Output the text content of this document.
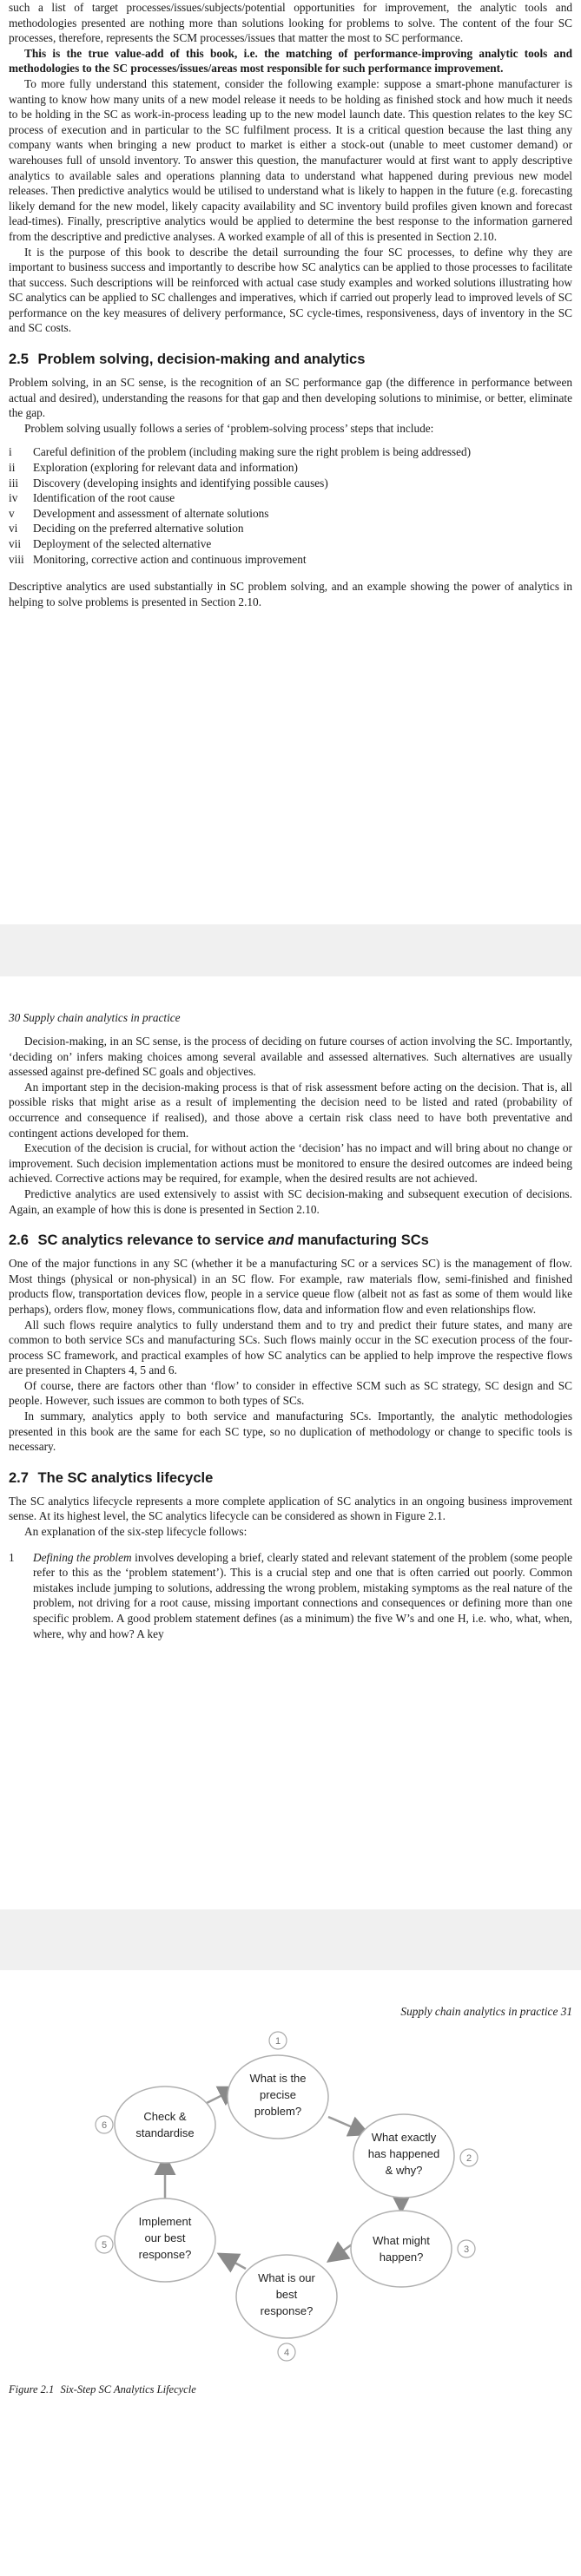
such a list of target processes/issues/subjects/potential opportunities for improvement, the analytic tools and methodologies presented are nothing more than solutions looking for problems to solve. The content of the four SC processes, therefore, represents the SCM processes/issues that matter the most to SC performance.

This is the true value-add of this book, i.e. the matching of performance-improving analytic tools and methodologies to the SC processes/issues/areas most responsible for such performance improvement.

To more fully understand this statement, consider the following example: suppose a smart-phone manufacturer is wanting to know how many units of a new model release it needs to be holding as finished stock and how much it needs to be holding in the SC as work-in-process leading up to the new model launch date. This question relates to the key SC process of execution and in particular to the SC fulfilment process. It is a critical question because the last thing any company wants when bringing a new product to market is either a stock-out (unable to meet customer demand) or warehouses full of unsold inventory. To answer this question, the manufacturer would at first want to apply descriptive analytics to available sales and operations planning data to understand what happened during previous new model releases. Then predictive analytics would be utilised to understand what is likely to happen in the future (e.g. forecasting likely demand for the new model, likely capacity availability and SC inventory build profiles given known and forecast lead-times). Finally, prescriptive analytics would be applied to determine the best response to the information garnered from the descriptive and predictive analyses. A worked example of all of this is presented in Section 2.10.

It is the purpose of this book to describe the detail surrounding the four SC processes, to define why they are important to business success and importantly to describe how SC analytics can be applied to those processes to facilitate that success. Such descriptions will be reinforced with actual case study examples and worked solutions illustrating how SC analytics can be applied to SC challenges and imperatives, which if carried out properly lead to improved levels of SC performance on the key measures of delivery performance, SC cycle-times, responsiveness, days of inventory in the SC and SC costs.

2.5 Problem solving, decision-making and analytics

Problem solving, in an SC sense, is the recognition of an SC performance gap (the difference in performance between actual and desired), understanding the reasons for that gap and then developing solutions to minimise, or better, eliminate the gap.

Problem solving usually follows a series of ‘problem-solving process’ steps that include:

i	Careful definition of the problem (including making sure the right problem is being addressed)
ii	Exploration (exploring for relevant data and information)
iii	Discovery (developing insights and identifying possible causes)
iv	Identification of the root cause
v	Development and assessment of alternate solutions
vi	Deciding on the preferred alternative solution
vii	Deployment of the selected alternative
viii Monitoring, corrective action and continuous improvement

Descriptive analytics are used substantially in SC problem solving, and an example showing the power of analytics in helping to solve problems is presented in Section 2.10.

30 Supply chain analytics in practice

Decision-making, in an SC sense, is the process of deciding on future courses of action involving the SC. Importantly, ‘deciding on’ infers making choices among several available and assessed alternatives. Such alternatives are usually assessed against pre-defined SC goals and objectives.

An important step in the decision-making process is that of risk assessment before acting on the decision. That is, all possible risks that might arise as a result of implementing the decision need to be listed and rated (probability of occurrence and consequence if realised), and those above a certain risk class need to have both preventative and contingent actions developed for them.

Execution of the decision is crucial, for without action the ‘decision’ has no impact and will bring about no change or improvement. Such decision implementation actions must be monitored to ensure the desired outcomes are indeed being achieved. Corrective actions may be required, for example, when the desired results are not achieved.

Predictive analytics are used extensively to assist with SC decision-making and subsequent execution of decisions. Again, an example of how this is done is presented in Section 2.10.

2.6 SC analytics relevance to service and manufacturing SCs

One of the major functions in any SC (whether it be a manufacturing SC or a services SC) is the management of flow. Most things (physical or non-physical) in an SC flow. For example, raw materials flow, semi-finished and finished products flow, transportation devices flow, people in a service queue flow (albeit not as fast as some of them would like perhaps), orders flow, money flows, communications flow, data and information flow and even relationships flow.

All such flows require analytics to fully understand them and to try and predict their future states, and many are common to both service SCs and manufacturing SCs. Such flows mainly occur in the SC execution process of the four-process SC framework, and practical examples of how SC analytics can be applied to help improve the respective flows are presented in Chapters 4, 5 and 6.

Of course, there are factors other than ‘flow’ to consider in effective SCM such as SC strategy, SC design and SC people. However, such issues are common to both types of SCs.

In summary, analytics apply to both service and manufacturing SCs. Importantly, the analytic methodologies presented in this book are the same for each SC type, so no duplication of methodology or change to specific tools is necessary.

2.7 The SC analytics lifecycle

The SC analytics lifecycle represents a more complete application of SC analytics in an ongoing business improvement sense. At its highest level, the SC analytics lifecycle can be considered as shown in Figure 2.1.

An explanation of the six-step lifecycle follows:

1	Defining the problem involves developing a brief, clearly stated and relevant statement of the problem (some people refer to this as the ‘problem statement’). This is a crucial step and one that is often carried out poorly. Common mistakes include jumping to solutions, addressing the wrong problem, mistaking symptoms as the real nature of the problem, not driving for a root cause, missing important connections and consequences or defining more than one specific problem. A good problem statement defines (as a minimum) the five W’s and one H, i.e. who, what, when, where, why and how? A key

Supply chain analytics in practice 31
1
What is the
precise
problem?
2
What exactly
has happened
& why?
3
What might
happen?
4
What is our
best
response?
5
Implement
our best
response?
6
Check &
standardise
Figure 2.1 Six-Step SC Analytics Lifecycle
